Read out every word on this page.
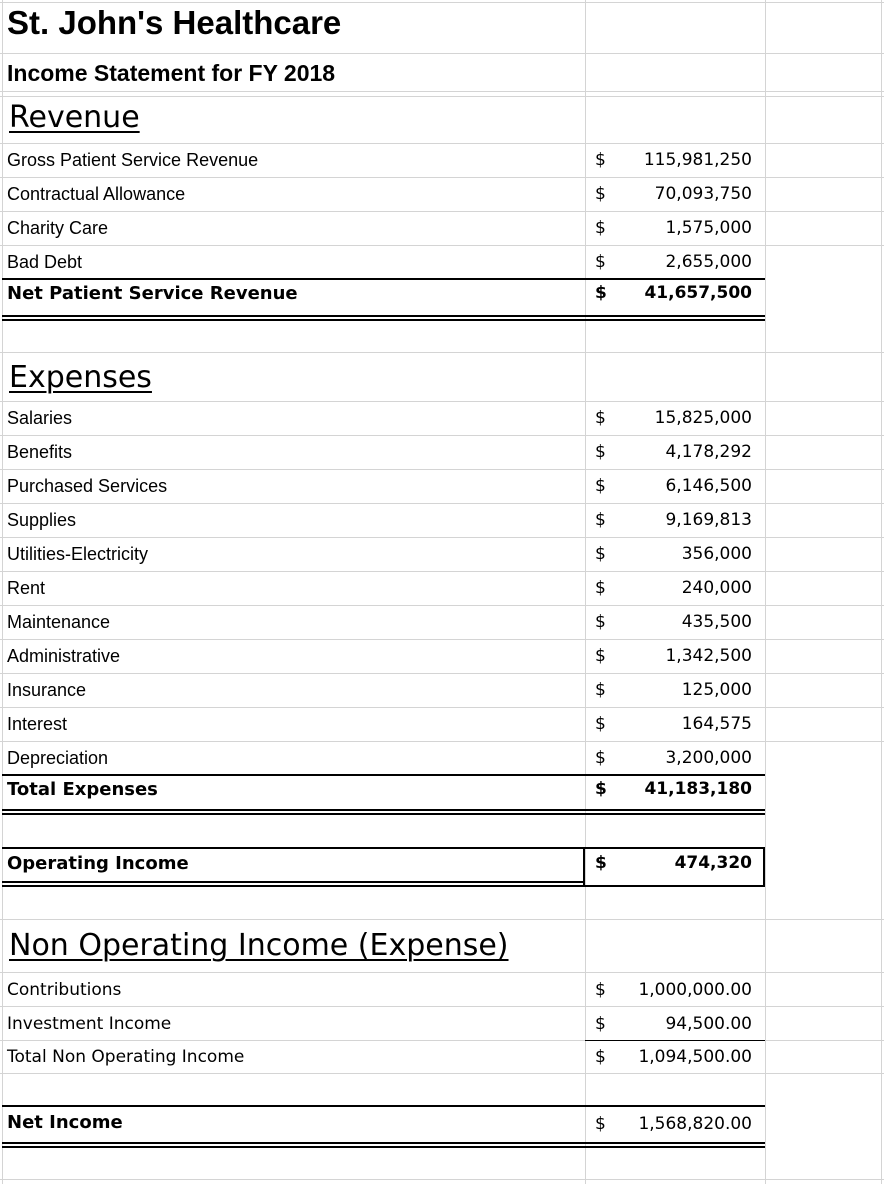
St. John's Healthcare
Income Statement for FY 2018
Revenue
Gross Patient Service Revenue	$ 115,981,250
Contractual Allowance	$	70,093,750
Charity Care	$	1,575,000
Bad Debt	$	2,655,000
Net Patient Service Revenue	$ 41,657,500
Expenses
Salaries	$	15,825,000
Benefits	$	4,178,292
Purchased Services	$	6,146,500
Supplies	$	9,169,813
Utilities-Electricity	$	356,000
Rent	$	240,000
Maintenance	$	435,500
Administrative	$	1,342,500
Insurance	$	125,000
Interest	$	164,575
Depreciation	$	3,200,000
Total Expenses	$ 41,183,180
Operating Income	$	474,320
Non Operating Income (Expense)
Contributions	$	1,000,000.00
Investment Income	$	94,500.00
Total Non Operating Income	$	1,094,500.00
Net Income	$	1,568,820.00
